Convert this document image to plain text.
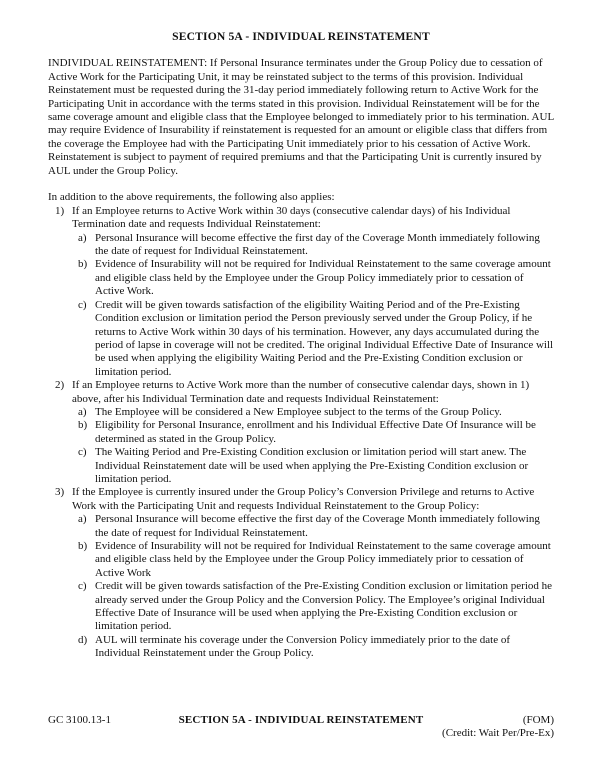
SECTION 5A - INDIVIDUAL REINSTATEMENT

INDIVIDUAL REINSTATEMENT: If Personal Insurance terminates under the Group Policy due to cessation of Active Work for the Participating Unit, it may be reinstated subject to the terms of this provision. Individual Reinstatement must be requested during the 31-day period immediately following return to Active Work for the Participating Unit in accordance with the terms stated in this provision. Individual Reinstatement will be for the same coverage amount and eligible class that the Employee belonged to immediately prior to his termination. AUL may require Evidence of Insurability if reinstatement is requested for an amount or eligible class that differs from the coverage the Employee had with the Participating Unit immediately prior to his cessation of Active Work. Reinstatement is subject to payment of required premiums and that the Participating Unit is currently insured by AUL under the Group Policy.

In addition to the above requirements, the following also applies:

1) If an Employee returns to Active Work within 30 days (consecutive calendar days) of his Individual Termination date and requests Individual Reinstatement:
a) Personal Insurance will become effective the first day of the Coverage Month immediately following the date of request for Individual Reinstatement.
b) Evidence of Insurability will not be required for Individual Reinstatement to the same coverage amount and eligible class held by the Employee under the Group Policy immediately prior to cessation of Active Work.
c) Credit will be given towards satisfaction of the eligibility Waiting Period and of the Pre-Existing Condition exclusion or limitation period the Person previously served under the Group Policy, if he returns to Active Work within 30 days of his termination. However, any days accumulated during the period of lapse in coverage will not be credited. The original Individual Effective Date of Insurance will be used when applying the eligibility Waiting Period and the Pre-Existing Condition exclusion or limitation period.
2) If an Employee returns to Active Work more than the number of consecutive calendar days, shown in 1) above, after his Individual Termination date and requests Individual Reinstatement:
a) The Employee will be considered a New Employee subject to the terms of the Group Policy.
b) Eligibility for Personal Insurance, enrollment and his Individual Effective Date Of Insurance will be determined as stated in the Group Policy.
c) The Waiting Period and Pre-Existing Condition exclusion or limitation period will start anew. The Individual Reinstatement date will be used when applying the Pre-Existing Condition exclusion or limitation period.
3) If the Employee is currently insured under the Group Policy’s Conversion Privilege and returns to Active Work with the Participating Unit and requests Individual Reinstatement to the Group Policy:
a) Personal Insurance will become effective the first day of the Coverage Month immediately following the date of request for Individual Reinstatement.
b) Evidence of Insurability will not be required for Individual Reinstatement to the same coverage amount and eligible class held by the Employee under the Group Policy immediately prior to cessation of Active Work
c) Credit will be given towards satisfaction of the Pre-Existing Condition exclusion or limitation period he already served under the Group Policy and the Conversion Policy. The Employee’s original Individual Effective Date of Insurance will be used when applying the Pre-Existing Condition exclusion or limitation period.
d) AUL will terminate his coverage under the Conversion Policy immediately prior to the date of Individual Reinstatement under the Group Policy.
GC 3100.13-1	SECTION 5A - INDIVIDUAL REINSTATEMENT	(FOM)
(Credit: Wait Per/Pre-Ex)
